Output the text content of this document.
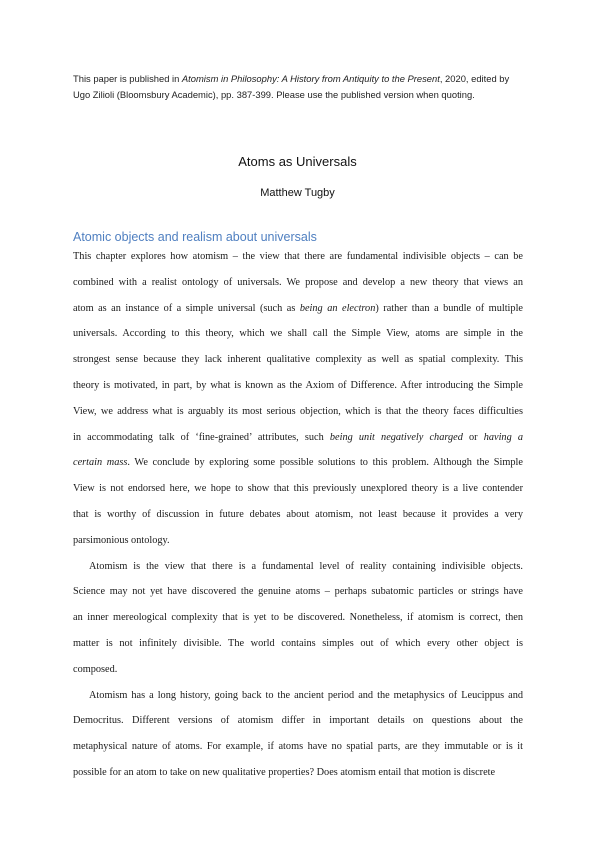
This paper is published in Atomism in Philosophy: A History from Antiquity to the Present, 2020, edited by Ugo Zilioli (Bloomsbury Academic), pp. 387-399. Please use the published version when quoting.
Atoms as Universals
Matthew Tugby
Atomic objects and realism about universals
This chapter explores how atomism – the view that there are fundamental indivisible objects – can be
combined with a realist ontology of universals. We propose and develop a new theory that views an
atom as an instance of a simple universal (such as being an electron) rather than a bundle of multiple
universals. According to this theory, which we shall call the Simple View, atoms are simple in the
strongest sense because they lack inherent qualitative complexity as well as spatial complexity. This
theory is motivated, in part, by what is known as the Axiom of Difference. After introducing the Simple
View, we address what is arguably its most serious objection, which is that the theory faces difficulties
in accommodating talk of ‘fine-grained’ attributes, such being unit negatively charged or having a
certain mass. We conclude by exploring some possible solutions to this problem. Although the Simple
View is not endorsed here, we hope to show that this previously unexplored theory is a live contender
that is worthy of discussion in future debates about atomism, not least because it provides a very
parsimonious ontology.
Atomism is the view that there is a fundamental level of reality containing indivisible objects.
Science may not yet have discovered the genuine atoms – perhaps subatomic particles or strings have
an inner mereological complexity that is yet to be discovered. Nonetheless, if atomism is correct, then
matter is not infinitely divisible. The world contains simples out of which every other object is
composed.
Atomism has a long history, going back to the ancient period and the metaphysics of Leucippus and
Democritus. Different versions of atomism differ in important details on questions about the
metaphysical nature of atoms. For example, if atoms have no spatial parts, are they immutable or is it
possible for an atom to take on new qualitative properties? Does atomism entail that motion is discrete
